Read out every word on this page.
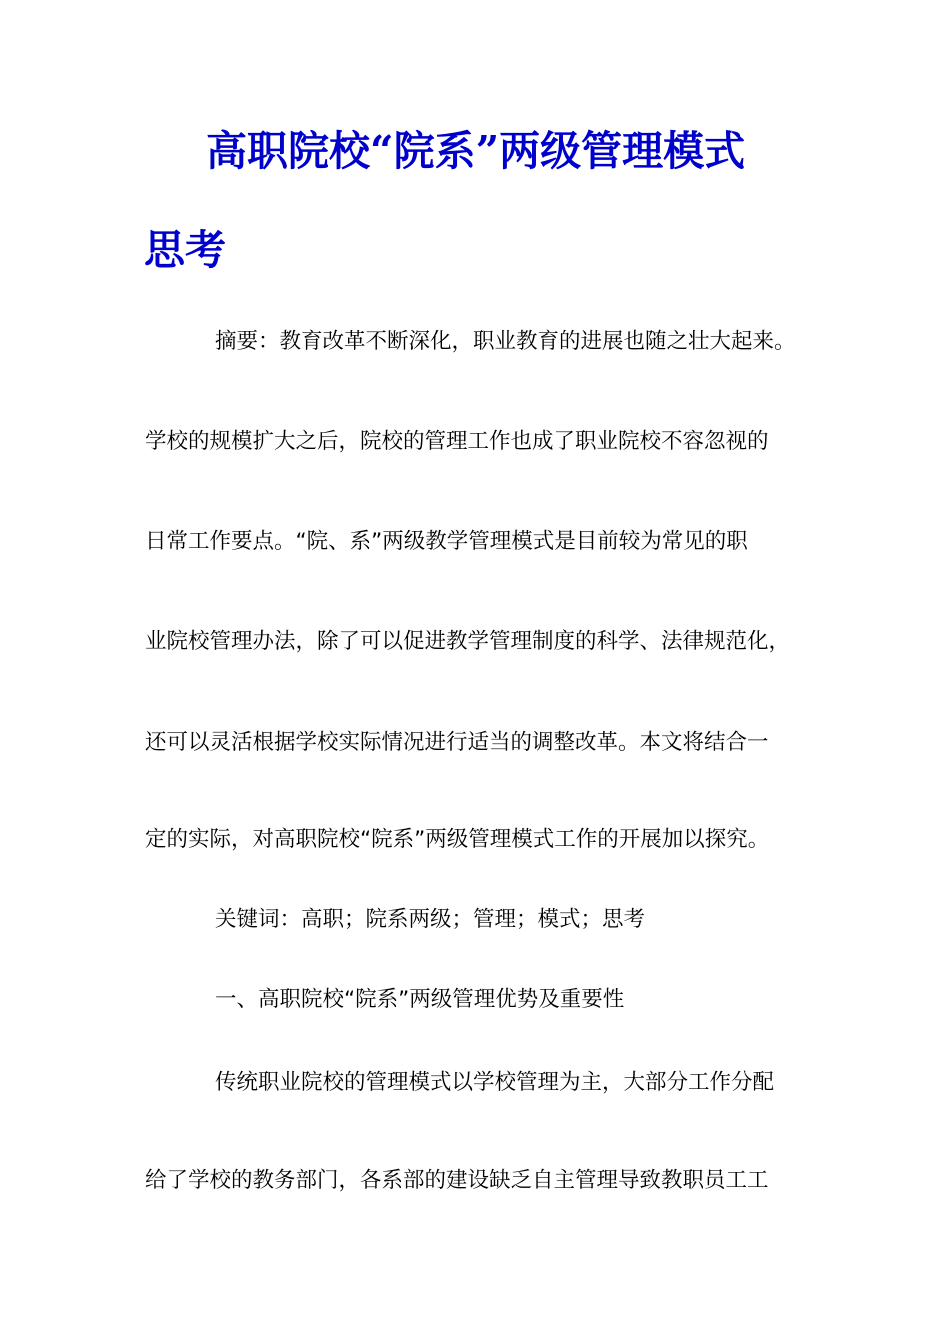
高职院校“院系”两级管理模式
思考

摘要：教育改革不断深化，职业教育的进展也随之壮大起来。

学校的规模扩大之后，院校的管理工作也成了职业院校不容忽视的

日常工作要点。“院、系”两级教学管理模式是目前较为常见的职

业院校管理办法，除了可以促进教学管理制度的科学、法律规范化，

还可以灵活根据学校实际情况进行适当的调整改革。本文将结合一

定的实际，对高职院校“院系”两级管理模式工作的开展加以探究。

关键词：高职；院系两级；管理；模式；思考

一、高职院校“院系”两级管理优势及重要性

传统职业院校的管理模式以学校管理为主，大部分工作分配

给了学校的教务部门，各系部的建设缺乏自主管理导致教职员工工
